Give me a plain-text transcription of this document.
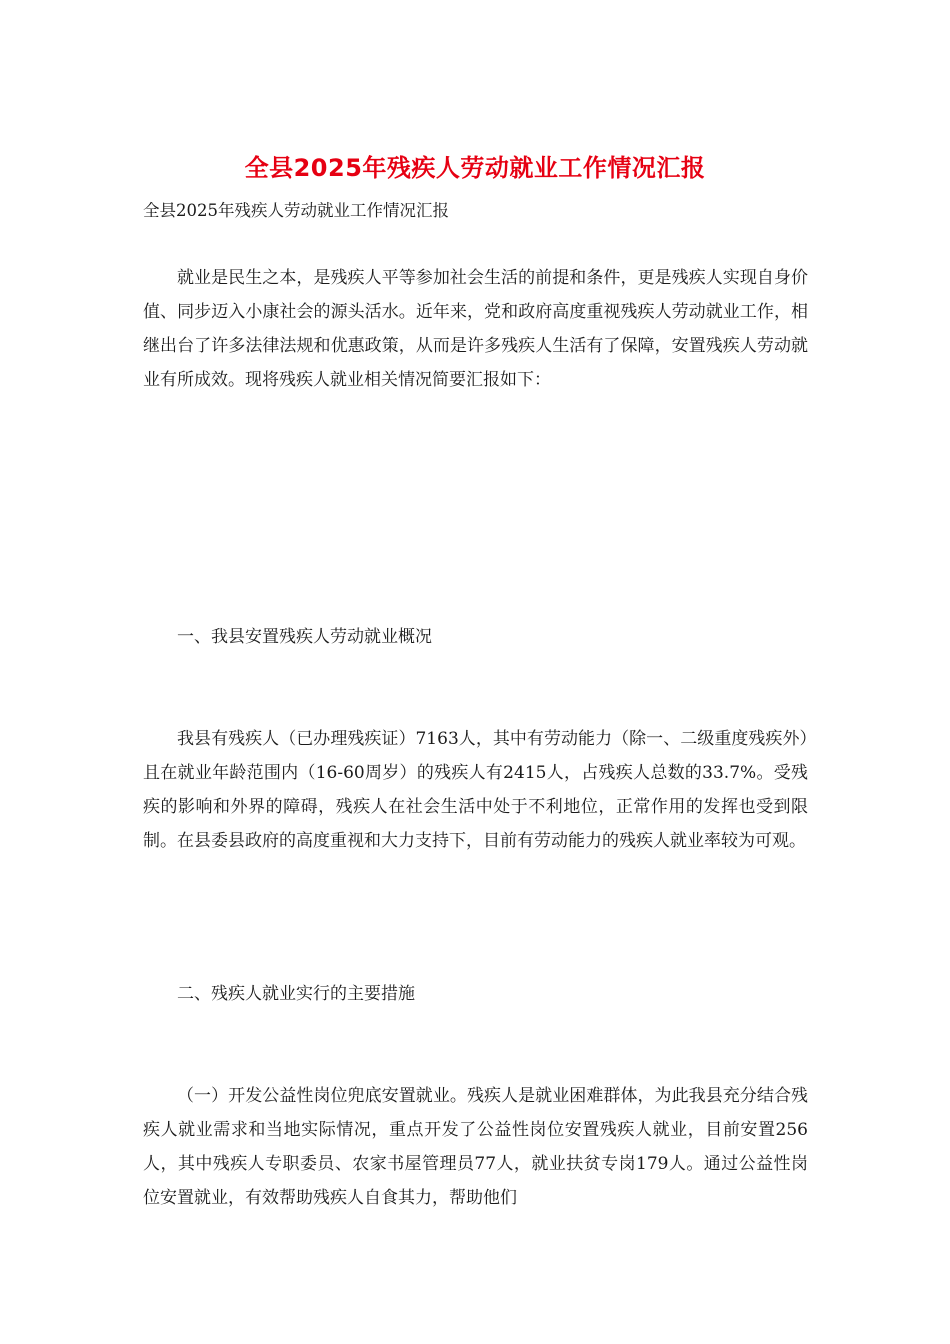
全县2025年残疾人劳动就业工作情况汇报

全县2025年残疾人劳动就业工作情况汇报

就业是民生之本，是残疾人平等参加社会生活的前提和条件，更是残疾人实现自身价值、同步迈入小康社会的源头活水。近年来，党和政府高度重视残疾人劳动就业工作，相继出台了许多法律法规和优惠政策，从而是许多残疾人生活有了保障，安置残疾人劳动就业有所成效。现将残疾人就业相关情况简要汇报如下：

一、我县安置残疾人劳动就业概况

我县有残疾人（已办理残疾证）7163人，其中有劳动能力（除一、二级重度残疾外）且在就业年龄范围内（16-60周岁）的残疾人有2415人，占残疾人总数的33.7%。受残疾的影响和外界的障碍，残疾人在社会生活中处于不利地位，正常作用的发挥也受到限制。在县委县政府的高度重视和大力支持下，目前有劳动能力的残疾人就业率较为可观。

二、残疾人就业实行的主要措施

（一）开发公益性岗位兜底安置就业。残疾人是就业困难群体，为此我县充分结合残疾人就业需求和当地实际情况，重点开发了公益性岗位安置残疾人就业，目前安置256人，其中残疾人专职委员、农家书屋管理员77人，就业扶贫专岗179人。通过公益性岗位安置就业，有效帮助残疾人自食其力，帮助他们
